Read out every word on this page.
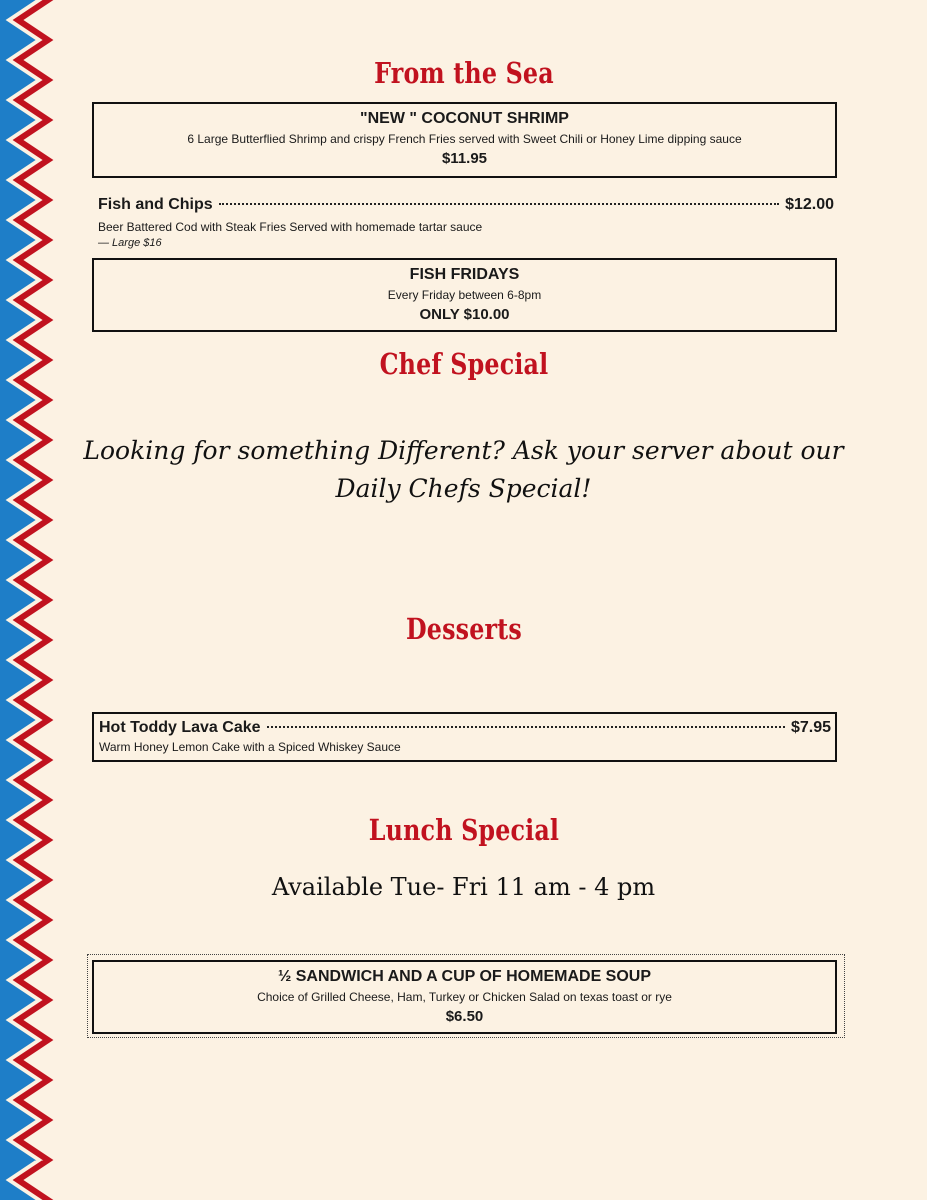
From the Sea
"NEW " COCONUT SHRIMP
6 Large Butterflied Shrimp and crispy French Fries served with Sweet Chili or Honey Lime dipping sauce
$11.95
Fish and Chips	$12.00
Beer Battered Cod with Steak Fries Served with homemade tartar sauce
— Large $16
FISH FRIDAYS
Every Friday between 6-8pm
ONLY $10.00
Chef Special
Looking for something Different? Ask your server about our
Daily Chefs Special!
Desserts
Hot Toddy Lava Cake	$7.95
Warm Honey Lemon Cake with a Spiced Whiskey Sauce
Lunch Special
Available Tue- Fri 11 am - 4 pm
½ SANDWICH AND A CUP OF HOMEMADE SOUP
Choice of Grilled Cheese, Ham, Turkey or Chicken Salad on texas toast or rye
$6.50
